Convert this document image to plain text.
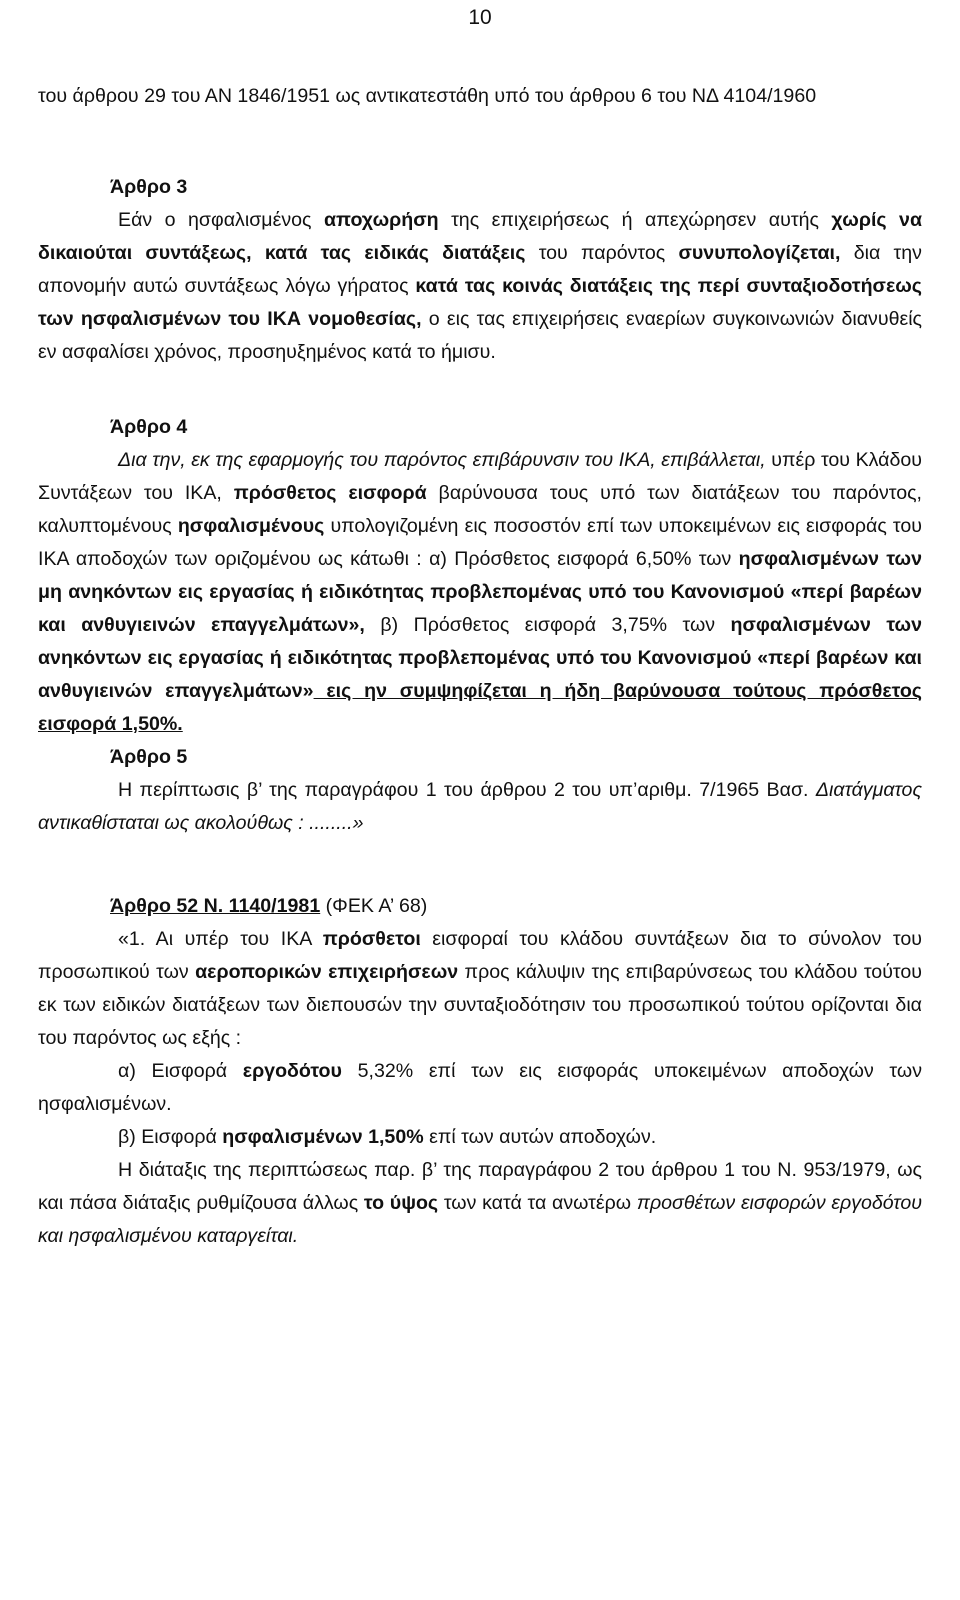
10

του άρθρου 29 του ΑΝ 1846/1951 ως αντικατεστάθη υπό του άρθρου 6 του ΝΔ 4104/1960

Άρθρο 3

Εάν ο ησφαλισμένος αποχωρήση της επιχειρήσεως ή απεχώρησεν αυτής χωρίς να δικαιούται συντάξεως, κατά τας ειδικάς διατάξεις του παρόντος συνυπολογίζεται, δια την απονομήν αυτώ συντάξεως λόγω γήρατος κατά τας κοινάς διατάξεις της περί συνταξιοδοτήσεως των ησφαλισμένων του ΙΚΑ νομοθεσίας, ο εις τας επιχειρήσεις εναερίων συγκοινωνιών διανυθείς εν ασφαλίσει χρόνος, προσηυξημένος κατά το ήμισυ.

Άρθρο 4

Δια την, εκ της εφαρμογής του παρόντος επιβάρυνσιν του ΙΚΑ, επιβάλλεται, υπέρ του Κλάδου Συντάξεων του ΙΚΑ, πρόσθετος εισφορά βαρύνουσα τους υπό των διατάξεων του παρόντος, καλυπτομένους ησφαλισμένους υπολογιζομένη εις ποσοστόν επί των υποκειμένων εις εισφοράς του ΙΚΑ αποδοχών των οριζομένου ως κάτωθι : α) Πρόσθετος εισφορά 6,50% των ησφαλισμένων των μη ανηκόντων εις εργασίας ή ειδικότητας προβλεπομένας υπό του Κανονισμού «περί βαρέων και ανθυγιεινών επαγγελμάτων», β) Πρόσθετος εισφορά 3,75% των ησφαλισμένων των ανηκόντων εις εργασίας ή ειδικότητας προβλεπομένας υπό του Κανονισμού «περί βαρέων και ανθυγιεινών επαγγελμάτων» εις ην συμψηφίζεται η ήδη βαρύνουσα τούτους πρόσθετος εισφορά 1,50%.

Άρθρο 5

Η περίπτωσις β’ της παραγράφου 1 του άρθρου 2 του υπ’αριθμ. 7/1965 Βασ. Διατάγματος αντικαθίσταται ως ακολούθως : ........»

Άρθρο 52 Ν. 1140/1981 (ΦΕΚ Α’ 68)

«1. Αι υπέρ του ΙΚΑ πρόσθετοι εισφοραί του κλάδου συντάξεων δια το σύνολον του προσωπικού των αεροπορικών επιχειρήσεων προς κάλυψιν της επιβαρύνσεως του κλάδου τούτου εκ των ειδικών διατάξεων των διεπουσών την συνταξιοδότησιν του προσωπικού τούτου ορίζονται δια του παρόντος ως εξής :

α) Εισφορά εργοδότου 5,32% επί των εις εισφοράς υποκειμένων αποδοχών των ησφαλισμένων.

β) Εισφορά ησφαλισμένων 1,50% επί των αυτών αποδοχών.

Η διάταξις της περιπτώσεως παρ. β’ της παραγράφου 2 του άρθρου 1 του Ν. 953/1979, ως και πάσα διάταξις ρυθμίζουσα άλλως το ύψος των κατά τα ανωτέρω προσθέτων εισφορών εργοδότου και ησφαλισμένου καταργείται.
